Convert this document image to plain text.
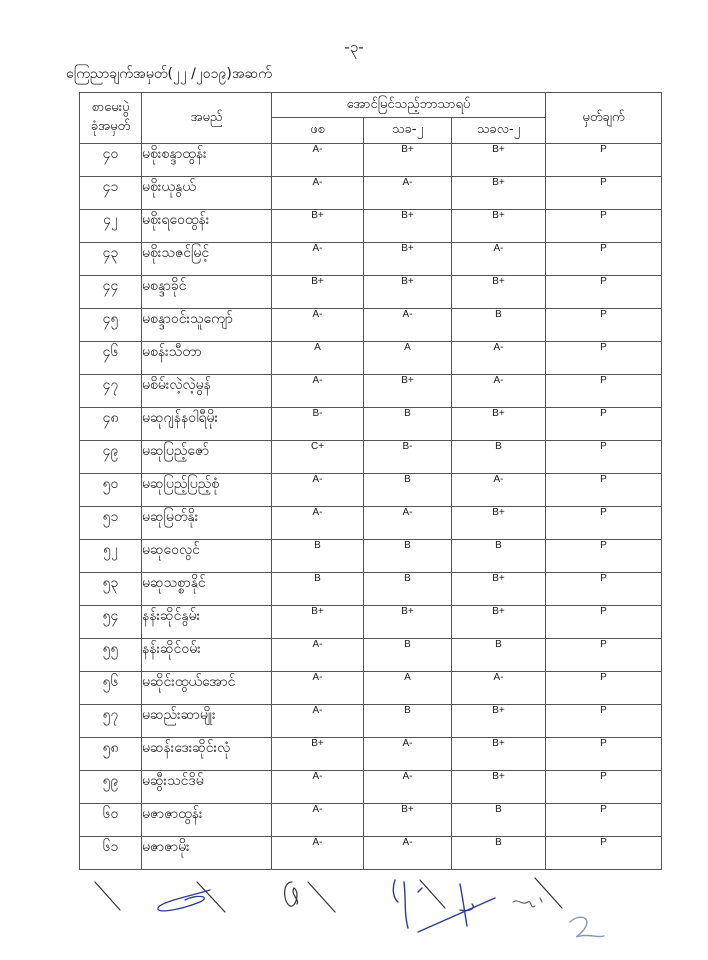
-၃-
ကြေညာချက်အမှတ်(၂၂ /၂၀၁၉)အဆက်
စာမေးပွဲ
ခုံအမှတ်	အမည်	အောင်မြင်သည့်ဘာသာရပ်			မှတ်ချက်
		ဖစ	သခ-၂	သခလ-၂	
၄၀	မစိုးစန္ဒာထွန်း	A-	B+	B+	P
၄၁	မစိုးယုနွယ်	A-	A-	B+	P
၄၂	မစိုးရဝေထွန်း	B+	B+	B+	P
၄၃	မစိုးသဇင်မြင့်	A-	B+	A-	P
၄၄	မစန္ဒာခိုင်	B+	B+	B+	P
၄၅	မစန္ဒာဝင်းသူကျော်	A-	A-	B	P
၄၆	မစန်းသီတာ	A	A	A-	P
၄၇	မစိမ်းလဲ့လဲ့မွန်	A-	B+	A-	P
၄၈	မဆုဂျန်နဝါရီမိုး	B-	B	B+	P
၄၉	မဆုပြည့်ဇော်	C+	B-	B	P
၅၀	မဆုပြည့်ပြည့်စုံ	A-	B	A-	P
၅၁	မဆုမြတ်နိုး	A-	A-	B+	P
၅၂	မဆုဝေလွင်	B	B	B	P
၅၃	မဆုသစ္စာနိုင်	B	B	B+	P
၅၄	နန်းဆိုင်နွမ်း	B+	B+	B+	P
၅၅	နန်းဆိုင်ဝမ်း	A-	B	B	P
၅၆	မဆိုင်းထွယ်အောင်	A-	A	A-	P
၅၇	မဆည်းဆာမျိုး	A-	B	B+	P
၅၈	မဆန်းဒေးဆိုင်းလုံ	B+	A-	B+	P
၅၉	မဆွီးသင်ဒိမ်	A-	A-	B+	P
၆၀	မဇာဇာထွန်း	A-	B+	B	P
၆၁	မဇာဇာမိုး	A-	A-	B	P
